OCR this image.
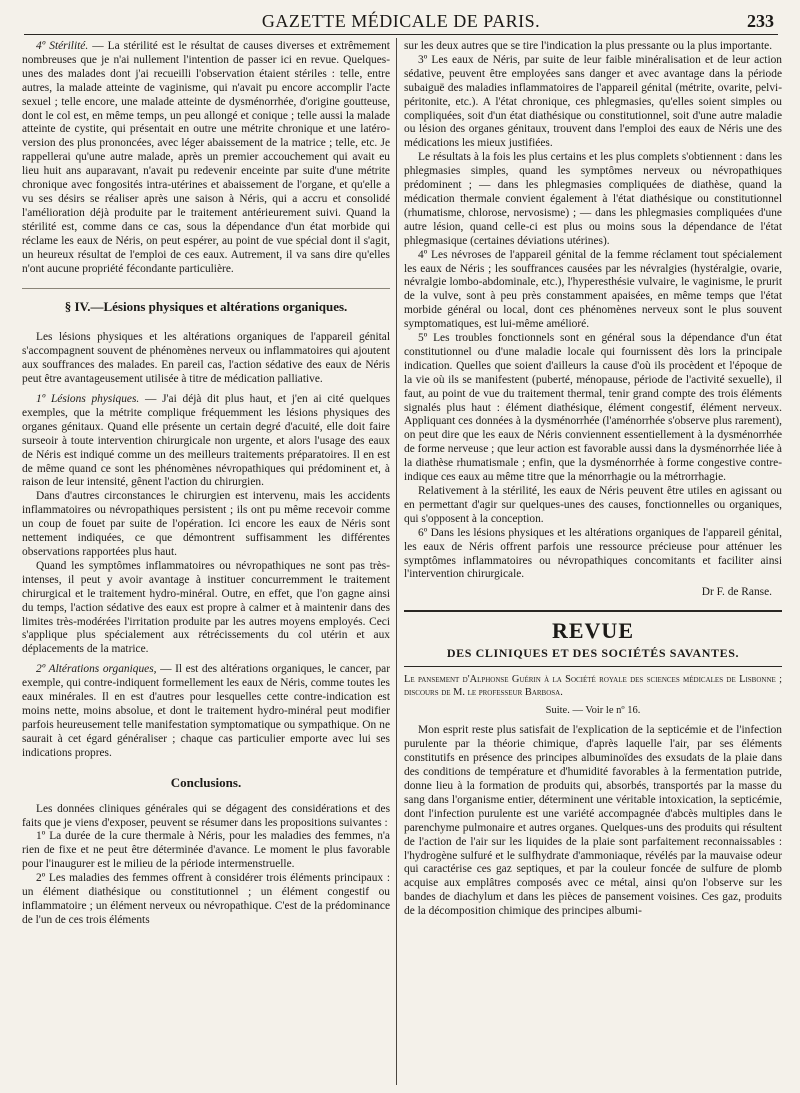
GAZETTE MÉDICALE DE PARIS.	233

4º Stérilité. — La stérilité est le résultat de causes diverses et extrêmement nombreuses que je n'ai nullement l'intention de passer ici en revue. Quelques-unes des malades dont j'ai recueilli l'observation étaient stériles : telle, entre autres, la malade atteinte de vaginisme, qui n'avait pu encore accomplir l'acte sexuel ; telle encore, une malade atteinte de dysménorrhée, d'origine goutteuse, dont le col est, en même temps, un peu allongé et conique ; telle aussi la malade atteinte de cystite, qui présentait en outre une métrite chronique et une latéro-version des plus prononcées, avec léger abaissement de la matrice ; telle, etc. Je rappellerai qu'une autre malade, après un premier accouchement qui avait eu lieu huit ans auparavant, n'avait pu redevenir enceinte par suite d'une métrite chronique avec fongosités intra-utérines et abaissement de l'organe, et qu'elle a vu ses désirs se réaliser après une saison à Néris, qui a accru et consolidé l'amélioration déjà produite par le traitement antérieurement suivi. Quand la stérilité est, comme dans ce cas, sous la dépendance d'un état morbide qui réclame les eaux de Néris, on peut espérer, au point de vue spécial dont il s'agit, un heureux résultat de l'emploi de ces eaux. Autrement, il va sans dire qu'elles n'ont aucune propriété fécondante particulière.

§ IV.—Lésions physiques et altérations organiques.

Les lésions physiques et les altérations organiques de l'appareil génital s'accompagnent souvent de phénomènes nerveux ou inflammatoires qui ajoutent aux souffrances des malades. En pareil cas, l'action sédative des eaux de Néris peut être avantageusement utilisée à titre de médication palliative.

1º Lésions physiques. — J'ai déjà dit plus haut, et j'en ai cité quelques exemples, que la métrite complique fréquemment les lésions physiques des organes génitaux. Quand elle présente un certain degré d'acuité, elle doit faire surseoir à toute intervention chirurgicale non urgente, et alors l'usage des eaux de Néris est indiqué comme un des meilleurs traitements préparatoires. Il en est de même quand ce sont les phénomènes névropathiques qui prédominent et, à raison de leur intensité, gênent l'action du chirurgien.

Dans d'autres circonstances le chirurgien est intervenu, mais les accidents inflammatoires ou névropathiques persistent ; ils ont pu même recevoir comme un coup de fouet par suite de l'opération. Ici encore les eaux de Néris sont nettement indiquées, ce que démontrent suffisamment les différentes observations rapportées plus haut.

Quand les symptômes inflammatoires ou névropathiques ne sont pas très-intenses, il peut y avoir avantage à instituer concurremment le traitement chirurgical et le traitement hydro-minéral. Outre, en effet, que l'on gagne ainsi du temps, l'action sédative des eaux est propre à calmer et à maintenir dans des limites très-modérées l'irritation produite par les autres moyens employés. Ceci s'applique plus spécialement aux rétrécissements du col utérin et aux déplacements de la matrice.

2º Altérations organiques, — Il est des altérations organiques, le cancer, par exemple, qui contre-indiquent formellement les eaux de Néris, comme toutes les eaux minérales. Il en est d'autres pour lesquelles cette contre-indication est moins nette, moins absolue, et dont le traitement hydro-minéral peut modifier parfois heureusement telle manifestation symptomatique ou sympathique. On ne saurait à cet égard généraliser ; chaque cas particulier emporte avec lui ses indications propres.

Conclusions.

Les données cliniques générales qui se dégagent des considérations et des faits que je viens d'exposer, peuvent se résumer dans les propositions suivantes :

1º La durée de la cure thermale à Néris, pour les maladies des femmes, n'a rien de fixe et ne peut être déterminée d'avance. Le moment le plus favorable pour l'inaugurer est le milieu de la période intermenstruelle.

2º Les maladies des femmes offrent à considérer trois éléments principaux : un élément diathésique ou constitutionnel ; un élément congestif ou inflammatoire ; un élément nerveux ou névropathique. C'est de la prédominance de l'un de ces trois éléments

sur les deux autres que se tire l'indication la plus pressante ou la plus importante.

3º Les eaux de Néris, par suite de leur faible minéralisation et de leur action sédative, peuvent être employées sans danger et avec avantage dans la période subaiguë des maladies inflammatoires de l'appareil génital (métrite, ovarite, pelvi-péritonite, etc.). A l'état chronique, ces phlegmasies, qu'elles soient simples ou compliquées, soit d'un état diathésique ou constitutionnel, soit d'une autre maladie ou lésion des organes génitaux, trouvent dans l'emploi des eaux de Néris une des médications les mieux justifiées.

Le résultats à la fois les plus certains et les plus complets s'obtiennent : dans les phlegmasies simples, quand les symptômes nerveux ou névropathiques prédominent ; — dans les phlegmasies compliquées de diathèse, quand la médication thermale convient également à l'état diathésique ou constitutionnel (rhumatisme, chlorose, nervosisme) ; — dans les phlegmasies compliquées d'une autre lésion, quand celle-ci est plus ou moins sous la dépendance de l'état phlegmasique (certaines déviations utérines).

4º Les névroses de l'appareil génital de la femme réclament tout spécialement les eaux de Néris ; les souffrances causées par les névralgies (hystéralgie, ovarie, névralgie lombo-abdominale, etc.), l'hyperesthésie vulvaire, le vaginisme, le prurit de la vulve, sont à peu près constamment apaisées, en même temps que l'état morbide général ou local, dont ces phénomènes nerveux sont le plus souvent symptomatiques, est lui-même amélioré.

5º Les troubles fonctionnels sont en général sous la dépendance d'un état constitutionnel ou d'une maladie locale qui fournissent dès lors la principale indication. Quelles que soient d'ailleurs la cause d'où ils procèdent et l'époque de la vie où ils se manifestent (puberté, ménopause, période de l'activité sexuelle), il faut, au point de vue du traitement thermal, tenir grand compte des trois éléments signalés plus haut : élément diathésique, élément congestif, élément nerveux. Appliquant ces données à la dysménorrhée (l'aménorrhée s'observe plus rarement), on peut dire que les eaux de Néris conviennent essentiellement à la dysménorrhée de forme nerveuse ; que leur action est favorable aussi dans la dysménorrhée liée à la diathèse rhumatismale ; enfin, que la dysménorrhée à forme congestive contre-indique ces eaux au même titre que la ménorrhagie ou la métrorrhagie.

Relativement à la stérilité, les eaux de Néris peuvent être utiles en agissant ou en permettant d'agir sur quelques-unes des causes, fonctionnelles ou organiques, qui s'opposent à la conception.

6º Dans les lésions physiques et les altérations organiques de l'appareil génital, les eaux de Néris offrent parfois une ressource précieuse pour atténuer les symptômes inflammatoires ou névropathiques concomitants et faciliter ainsi l'intervention chirurgicale.

Dr F. de Ranse.
REVUE
DES CLINIQUES ET DES SOCIÉTÉS SAVANTES.

Le pansement d'Alphonse Guérin à la Société royale des sciences médicales de Lisbonne ; discours de M. le professeur Barbosa.

Suite. — Voir le nº 16.

Mon esprit reste plus satisfait de l'explication de la septicémie et de l'infection purulente par la théorie chimique, d'après laquelle l'air, par ses éléments constitutifs en présence des principes albuminoïdes des exsudats de la plaie dans des conditions de température et d'humidité favorables à la fermentation putride, donne lieu à la formation de produits qui, absorbés, transportés par la masse du sang dans l'organisme entier, déterminent une véritable intoxication, la septicémie, dont l'infection purulente est une variété accompagnée d'abcès multiples dans le parenchyme pulmonaire et autres organes. Quelques-uns des produits qui résultent de l'action de l'air sur les liquides de la plaie sont parfaitement reconnaissables : l'hydrogène sulfuré et le sulfhydrate d'ammoniaque, révélés par la mauvaise odeur qui caractérise ces gaz septiques, et par la couleur foncée de sulfure de plomb acquise aux emplâtres composés avec ce métal, ainsi qu'on l'observe sur les bandes de diachylum et dans les pièces de pansement voisines. Ces gaz, produits de la décomposition chimique des principes albumi-
